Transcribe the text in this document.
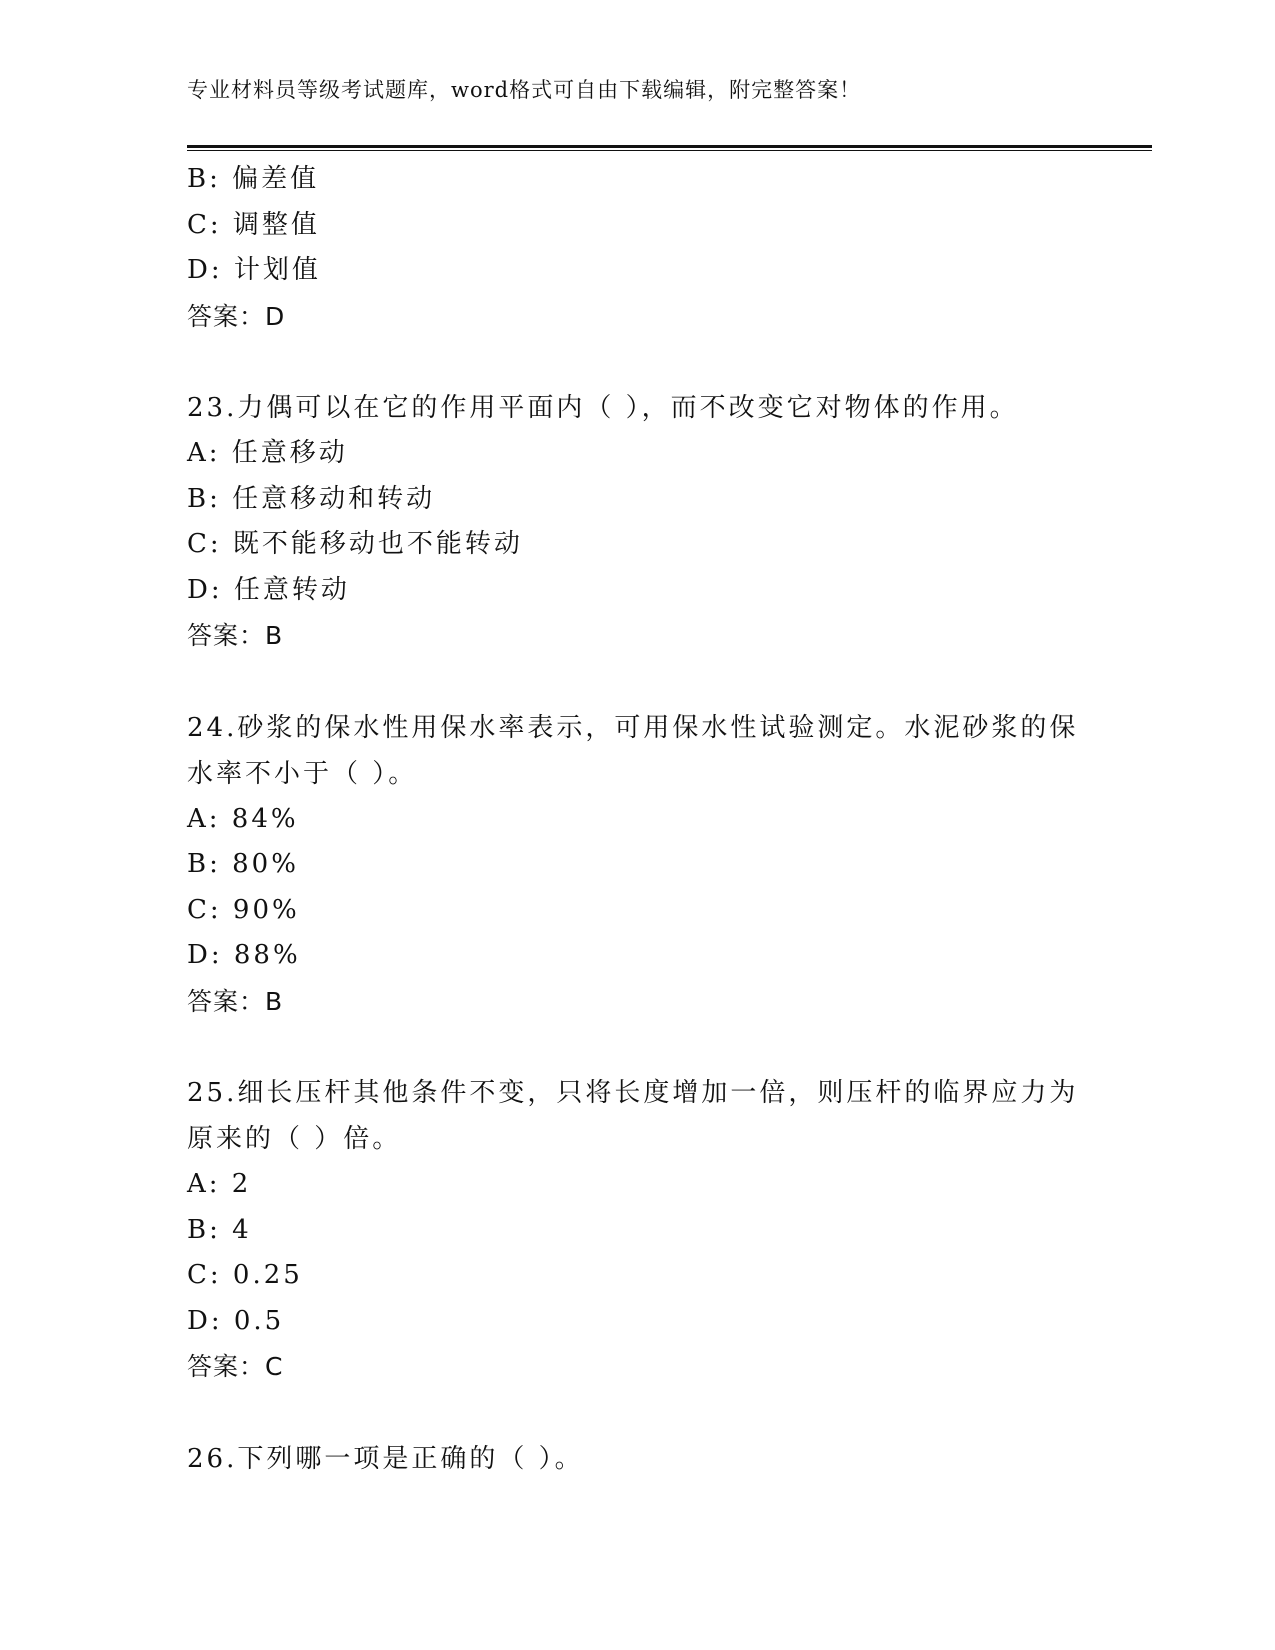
专业材料员等级考试题库，word格式可自由下载编辑，附完整答案！
B: 偏差值
C: 调整值
D: 计划值
答案：D
23.力偶可以在它的作用平面内（ ），而不改变它对物体的作用。
A: 任意移动
B: 任意移动和转动
C: 既不能移动也不能转动
D: 任意转动
答案：B
24.砂浆的保水性用保水率表示，可用保水性试验测定。水泥砂浆的保水率不小于（ ）。
A: 84%
B: 80%
C: 90%
D: 88%
答案：B
25.细长压杆其他条件不变，只将长度增加一倍，则压杆的临界应力为原来的（ ）倍。
A: 2
B: 4
C: 0.25
D: 0.5
答案：C
26.下列哪一项是正确的（ ）。
